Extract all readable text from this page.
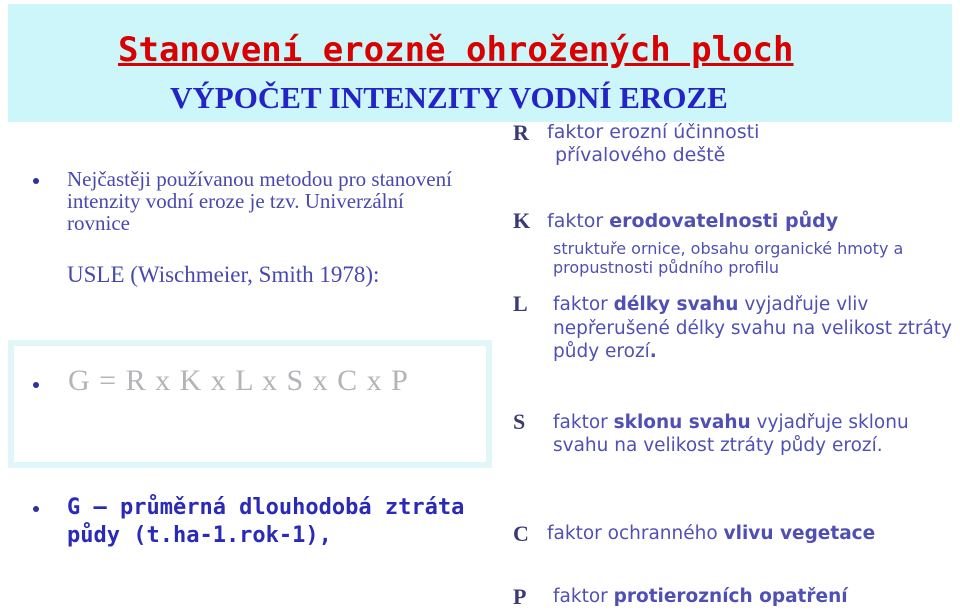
Stanovení erozně ohrožených ploch
VÝPOČET INTENZITY VODNÍ EROZE
Nejčastěji používanou metodou pro stanovení intenzity vodní eroze je tzv. Univerzální rovnice
USLE (Wischmeier, Smith 1978):
G = R x K x L x S x C x P
G – průměrná dlouhodobá ztráta půdy (t.ha-1.rok-1),
R faktor erozní účinnosti
přívalového deště
K faktor erodovatelnosti půdy
struktuře ornice, obsahu organické hmoty a propustnosti půdního profilu
L faktor délky svahu vyjadřuje vliv nepřerušené délky svahu na velikost ztráty půdy erozí.
S faktor sklonu svahu vyjadřuje sklonu svahu na velikost ztráty půdy erozí.
C faktor ochranného vlivu vegetace
P faktor protierozních opatření
